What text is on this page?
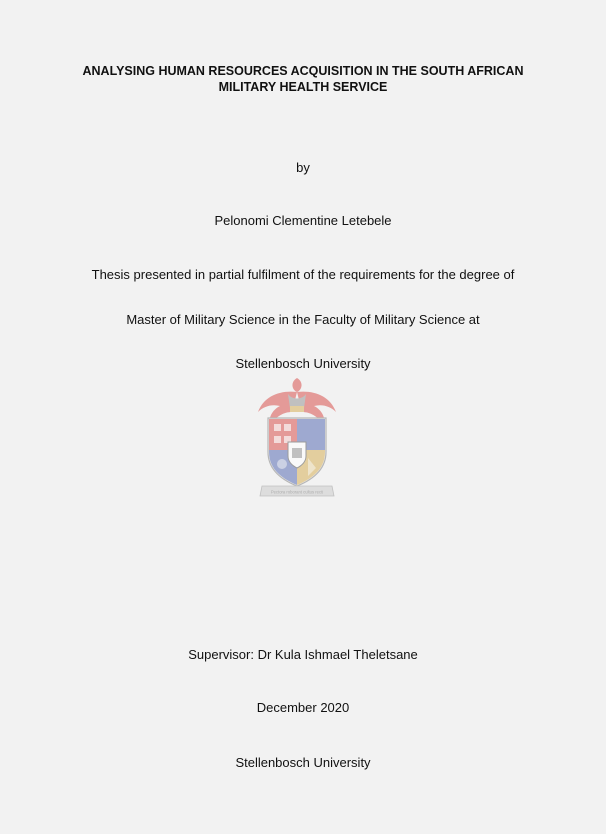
ANALYSING HUMAN RESOURCES ACQUISITION IN THE SOUTH AFRICAN
MILITARY HEALTH SERVICE
by
Pelonomi Clementine Letebele
Thesis presented in partial fulfilment of the requirements for the degree of
Master of Military Science in the Faculty of Military Science at
Stellenbosch University
Pectora roborant cultus recti
Supervisor: Dr Kula Ishmael Theletsane
December 2020
Stellenbosch University
